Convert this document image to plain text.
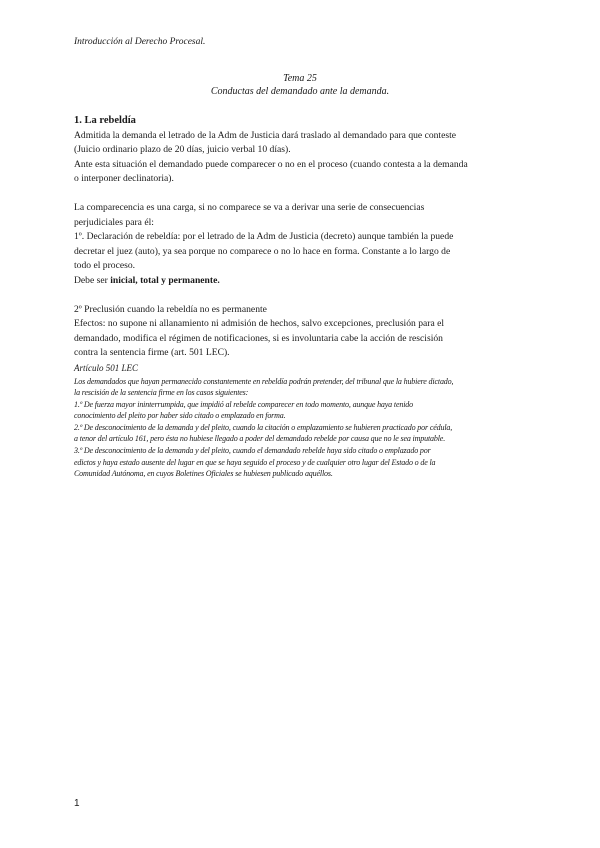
Introducción al Derecho Procesal.
Tema 25
Conductas del demandado ante la demanda.

1. La rebeldía

Admitida la demanda el letrado de la Adm de Justicia dará traslado al demandado para que conteste
(Juicio ordinario plazo de 20 días, juicio verbal 10 días).

Ante esta situación el demandado puede comparecer o no en el proceso (cuando contesta a la demanda
o interponer declinatoria).

La comparecencia es una carga, si no comparece se va a derivar una serie de consecuencias
perjudiciales para él:
1º. Declaración de rebeldía: por el letrado de la Adm de Justicia (decreto) aunque también la puede
decretar el juez (auto), ya sea porque no comparece o no lo hace en forma. Constante a lo largo de
todo el proceso.

Debe ser inicial, total y permanente.

2º Preclusión cuando la rebeldía no es permanente
Efectos: no supone ni allanamiento ni admisión de hechos, salvo excepciones, preclusión para el
demandado, modifica el régimen de notificaciones, si es involuntaria cabe la acción de rescisión
contra la sentencia firme (art. 501 LEC).

Artículo 501 LEC

Los demandados que hayan permanecido constantemente en rebeldía podrán pretender, del tribunal que la hubiere dictado,
la rescisión de la sentencia firme en los casos siguientes:

1.º De fuerza mayor ininterrumpida, que impidió al rebelde comparecer en todo momento, aunque haya tenido
conocimiento del pleito por haber sido citado o emplazado en forma.

2.º De desconocimiento de la demanda y del pleito, cuando la citación o emplazamiento se hubieren practicado por cédula,
a tenor del artículo 161, pero ésta no hubiese llegado a poder del demandado rebelde por causa que no le sea imputable.

3.º De desconocimiento de la demanda y del pleito, cuando el demandado rebelde haya sido citado o emplazado por
edictos y haya estado ausente del lugar en que se haya seguido el proceso y de cualquier otro lugar del Estado o de la
Comunidad Autónoma, en cuyos Boletines Oficiales se hubiesen publicado aquéllos.

1
